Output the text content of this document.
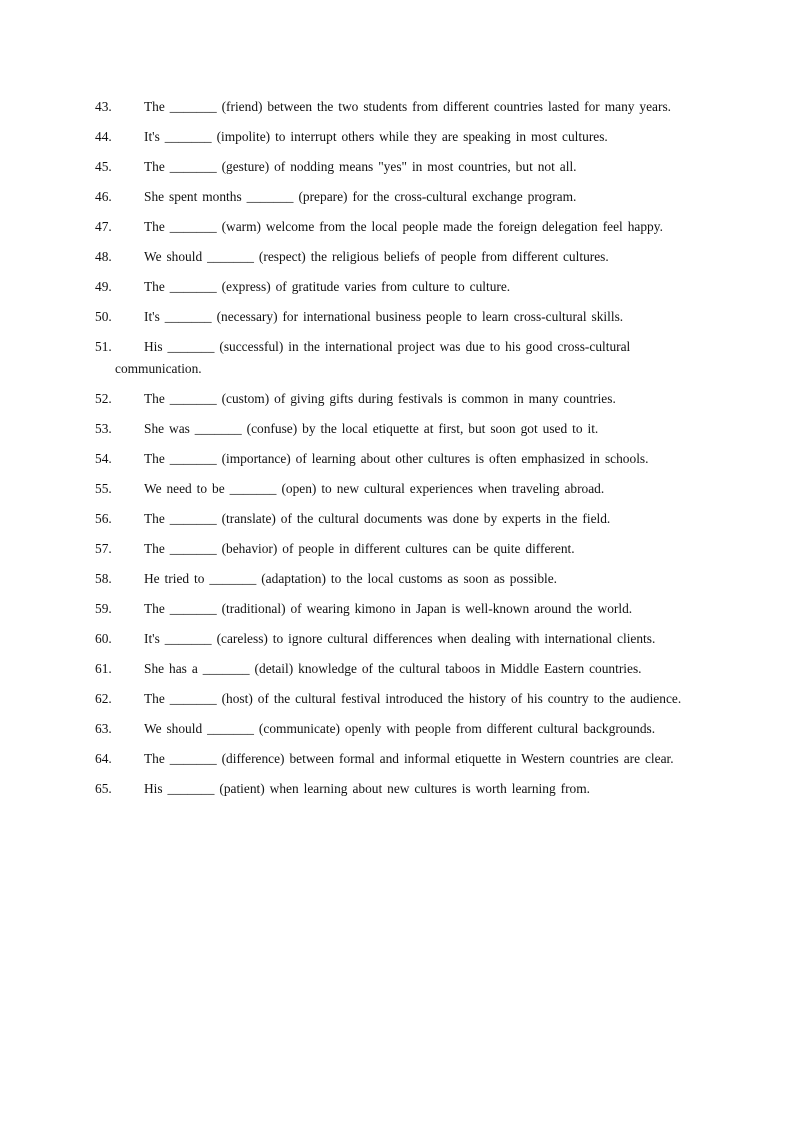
43. The _______ (friend) between the two students from different countries lasted for many years.
44. It's _______ (impolite) to interrupt others while they are speaking in most cultures.
45. The _______ (gesture) of nodding means "yes" in most countries, but not all.
46. She spent months _______ (prepare) for the cross-cultural exchange program.
47. The _______ (warm) welcome from the local people made the foreign delegation feel happy.
48. We should _______ (respect) the religious beliefs of people from different cultures.
49. The _______ (express) of gratitude varies from culture to culture.
50. It's _______ (necessary) for international business people to learn cross-cultural skills.
51. His _______ (successful) in the international project was due to his good cross-cultural communication.
52. The _______ (custom) of giving gifts during festivals is common in many countries.
53. She was _______ (confuse) by the local etiquette at first, but soon got used to it.
54. The _______ (importance) of learning about other cultures is often emphasized in schools.
55. We need to be _______ (open) to new cultural experiences when traveling abroad.
56. The _______ (translate) of the cultural documents was done by experts in the field.
57. The _______ (behavior) of people in different cultures can be quite different.
58. He tried to _______ (adaptation) to the local customs as soon as possible.
59. The _______ (traditional) of wearing kimono in Japan is well-known around the world.
60. It's _______ (careless) to ignore cultural differences when dealing with international clients.
61. She has a _______ (detail) knowledge of the cultural taboos in Middle Eastern countries.
62. The _______ (host) of the cultural festival introduced the history of his country to the audience.
63. We should _______ (communicate) openly with people from different cultural backgrounds.
64. The _______ (difference) between formal and informal etiquette in Western countries are clear.
65. His _______ (patient) when learning about new cultures is worth learning from.
